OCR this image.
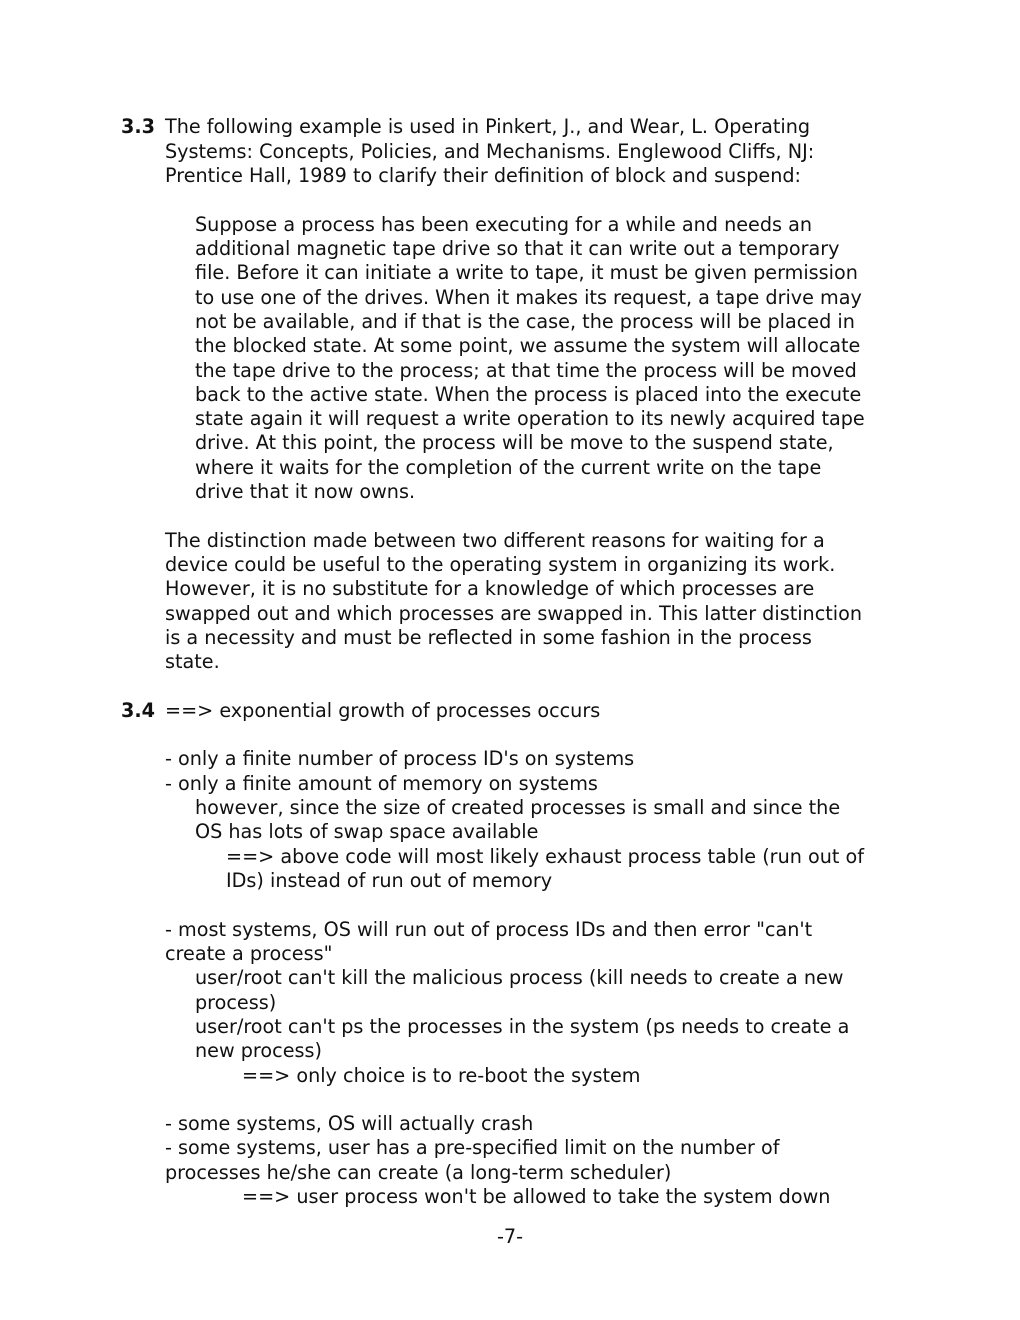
3.3 The following example is used in Pinkert, J., and Wear, L. Operating
Systems: Concepts, Policies, and Mechanisms. Englewood Cliffs, NJ:
Prentice Hall, 1989 to clarify their definition of block and suspend:
Suppose a process has been executing for a while and needs an
additional magnetic tape drive so that it can write out a temporary
file. Before it can initiate a write to tape, it must be given permission
to use one of the drives. When it makes its request, a tape drive may
not be available, and if that is the case, the process will be placed in
the blocked state. At some point, we assume the system will allocate
the tape drive to the process; at that time the process will be moved
back to the active state. When the process is placed into the execute
state again it will request a write operation to its newly acquired tape
drive. At this point, the process will be move to the suspend state,
where it waits for the completion of the current write on the tape
drive that it now owns.
The distinction made between two different reasons for waiting for a
device could be useful to the operating system in organizing its work.
However, it is no substitute for a knowledge of which processes are
swapped out and which processes are swapped in. This latter distinction
is a necessity and must be reflected in some fashion in the process
state.
3.4 ==> exponential growth of processes occurs
- only a finite number of process ID's on systems
- only a finite amount of memory on systems
however, since the size of created processes is small and since the
OS has lots of swap space available
==> above code will most likely exhaust process table (run out of
IDs) instead of run out of memory
- most systems, OS will run out of process IDs and then error "can't
create a process"
user/root can't kill the malicious process (kill needs to create a new
process)
user/root can't ps the processes in the system (ps needs to create a
new process)
==> only choice is to re-boot the system
- some systems, OS will actually crash
- some systems, user has a pre-specified limit on the number of
processes he/she can create (a long-term scheduler)
==> user process won't be allowed to take the system down
-7-
